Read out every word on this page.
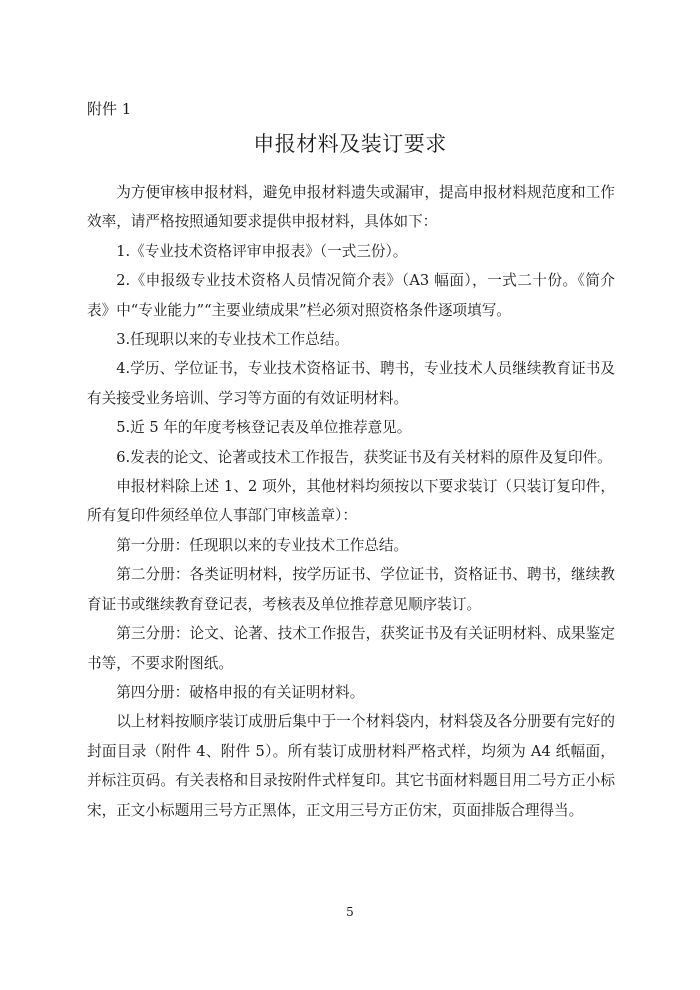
附件 1
申报材料及装订要求

为方便审核申报材料，避免申报材料遗失或漏审，提高申报材料规范度和工作效率，请严格按照通知要求提供申报材料，具体如下：

1.《专业技术资格评审申报表》（一式三份）。

2.《申报级专业技术资格人员情况简介表》（A3 幅面），一式二十份。《简介表》中“专业能力”“主要业绩成果”栏必须对照资格条件逐项填写。

3.任现职以来的专业技术工作总结。

4.学历、学位证书，专业技术资格证书、聘书，专业技术人员继续教育证书及有关接受业务培训、学习等方面的有效证明材料。

5.近 5 年的年度考核登记表及单位推荐意见。

6.发表的论文、论著或技术工作报告，获奖证书及有关材料的原件及复印件。

申报材料除上述 1、2 项外，其他材料均须按以下要求装订（只装订复印件，所有复印件须经单位人事部门审核盖章）：

第一分册：任现职以来的专业技术工作总结。

第二分册：各类证明材料，按学历证书、学位证书，资格证书、聘书，继续教育证书或继续教育登记表，考核表及单位推荐意见顺序装订。

第三分册：论文、论著、技术工作报告，获奖证书及有关证明材料、成果鉴定书等，不要求附图纸。

第四分册：破格申报的有关证明材料。

以上材料按顺序装订成册后集中于一个材料袋内，材料袋及各分册要有完好的封面目录（附件 4、附件 5）。所有装订成册材料严格式样，均须为 A4 纸幅面，并标注页码。有关表格和目录按附件式样复印。其它书面材料题目用二号方正小标宋，正文小标题用三号方正黑体，正文用三号方正仿宋，页面排版合理得当。

5
